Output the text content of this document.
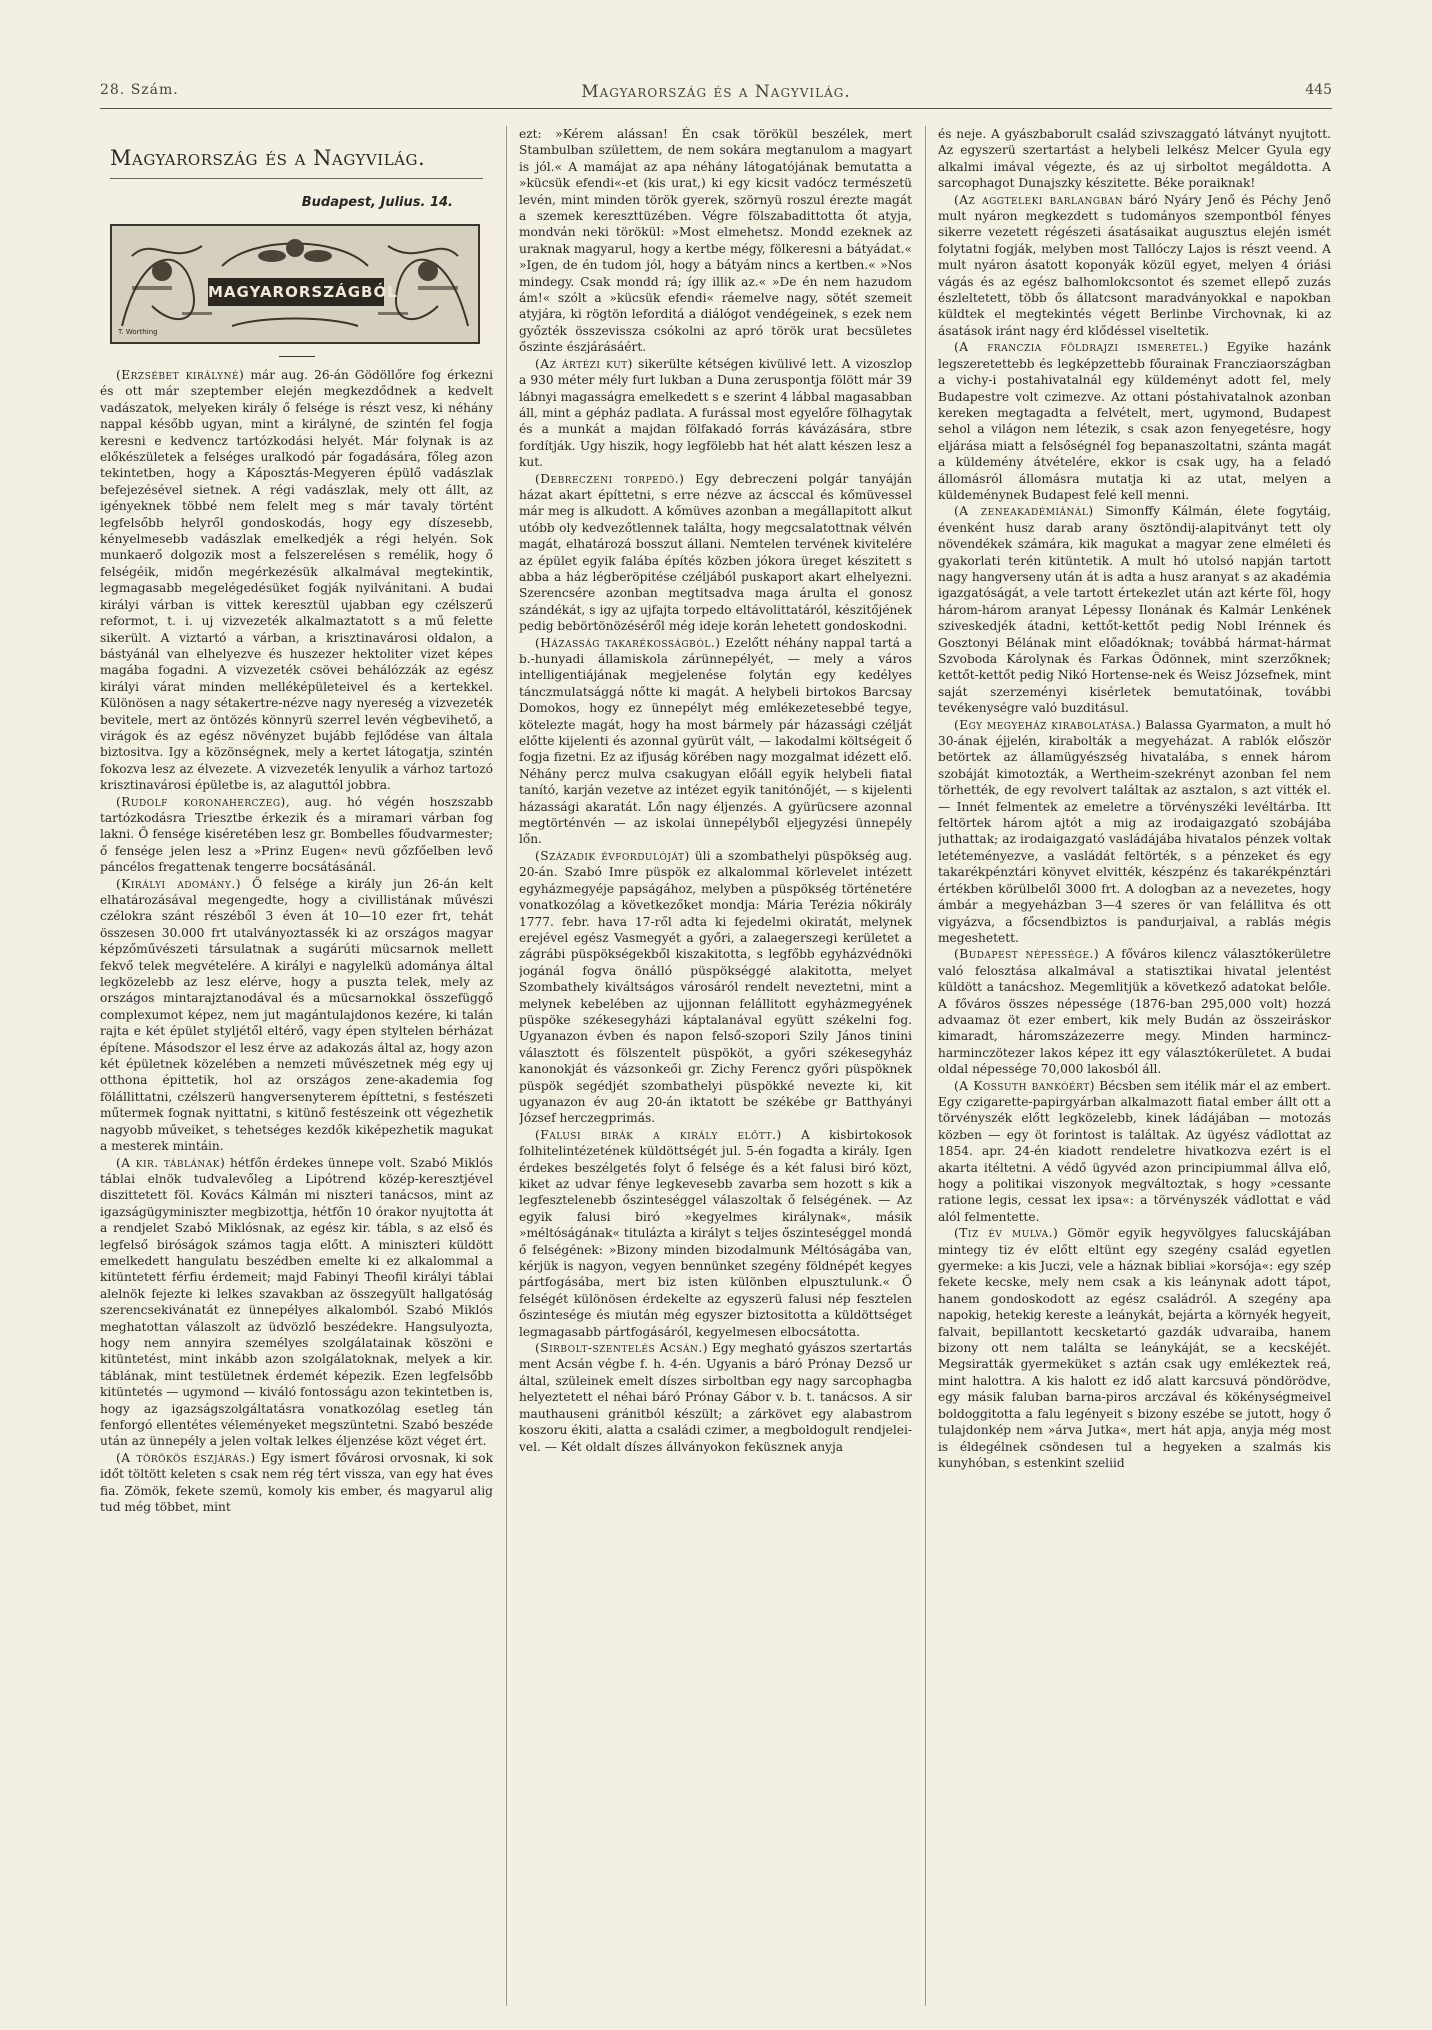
28. Szám.	Magyarország és a Nagyvilág.	445
Magyarország és a Nagyvilág.
Budapest, Julius. 14.
MAGYARORSZÁGBÓL
T. Worthing

(Erzsébet királyné) már aug. 26-án Gödöllőre fog érkezni és ott már szeptember elején megkezdődnek a kedvelt vadászatok, melyeken király ő felsége is részt vesz, ki néhány nappal később ugyan, mint a királyné, de szintén fel fogja keresni e kedvencz tartózkodási helyét. Már folynak is az előkészületek a felséges uralkodó pár fogadására, főleg azon tekintetben, hogy a Káposztás-Megyeren épülő vadászlak befejezésével sietnek. A régi vadászlak, mely ott állt, az igényeknek többé nem felelt meg s már tavaly történt legfelsőbb helyről gondoskodás, hogy egy díszesebb, kényelmesebb vadászlak emelkedjék a régi helyén. Sok munkaerő dolgozik most a felszerelésen s remélik, hogy ő felségéik, midőn megérkezésük alkalmával megtekintik, legmagasabb megelégedésüket fogják nyilvánitani. A budai királyi várban is vittek keresztül ujabban egy czélszerű reformot, t. i. uj vizvezeték alkalmaztatott s a mű felette sikerült. A viztartó a várban, a krisztinavárosi oldalon, a bástyánál van elhelyezve és huszezer hektoliter vizet képes magába fogadni. A vizvezeték csövei behálózzák az egész királyi várat minden melléképületeivel és a kertekkel. Különösen a nagy sétakertre-nézve nagy nyereség a vizvezeték bevitele, mert az öntözés könnyrü szerrel levén végbevihető, a virágok és az egész növényzet bujább fejlődése van általa biztositva. Igy a közönségnek, mely a kertet látogatja, szintén fokozva lesz az élvezete. A vizvezeték lenyulik a várhoz tartozó krisztinavárosi épületbe is, az alaguttól jobbra.

(Rudolf koronaherczeg), aug. hó végén hoszszabb tartózkodásra Triesztbe érkezik és a miramari várban fog lakni. Ő fensége kiséretében lesz gr. Bombelles főudvarmester; ő fensége jelen lesz a »Prinz Eugen« nevü gőzfőelben levő páncélos fregattenak tengerre bocsátásánál.

(Királyi adomány.) Ő felsége a király jun 26-án kelt elhatározásával megengedte, hogy a civillistának művészi czélokra szánt részéből 3 éven át 10—10 ezer frt, tehát összesen 30.000 frt utalványoztassék ki az országos magyar képzőművészeti társulatnak a sugárúti mücsarnok mellett fekvő telek megvételére. A királyi e nagylelkü adománya által legközelebb az lesz elérve, hogy a puszta telek, mely az országos mintarajztanodával és a mücsarnokkal összefüggő complexumot képez, nem jut magántulajdonos kezére, ki talán rajta e két épület styljétől eltérő, vagy épen styltelen bérházat építene. Másodszor el lesz érve az adakozás által az, hogy azon két épületnek közelében a nemzeti művészetnek még egy uj otthona épittetik, hol az országos zene-akademia fog fölállittatni, czélszerü hangversenyterem építtetni, s festészeti műtermek fognak nyittatni, s kitünő festészeink ott végezhetik nagyobb műveiket, s tehetséges kezdők kiképezhetik magukat a mesterek mintáin.

(A kir. táblának) hétfőn érdekes ünnepe volt. Szabó Miklós táblai elnök tudvalevőleg a Lipótrend közép-keresztjével diszittetett föl. Kovács Kálmán mi niszteri tanácsos, mint az igazságügyminiszter megbizottja, hétfőn 10 órakor nyujtotta át a rendjelet Szabó Miklósnak, az egész kir. tábla, s az első és legfelső biróságok számos tagja előtt. A miniszteri küldött emelkedett hangulatu beszédben emelte ki ez alkalommal a kitüntetett férfiu érdemeit; majd Fabinyi Theofil királyi táblai alelnök fejezte ki lelkes szavakban az összegyült hallgatóság szerencsekivánatát ez ünnepélyes alkalomból. Szabó Miklós meghatottan válaszolt az üdvözlő beszédekre. Hangsulyozta, hogy nem annyira személyes szolgálatainak köszöni e kitüntetést, mint inkább azon szolgálatoknak, melyek a kir. táblának, mint testületnek érdemét képezik. Ezen legfelsőbb kitüntetés — ugymond — kiváló fontosságu azon tekintetben is, hogy az igazságszolgáltatásra vonatkozólag esetleg tán fenforgó ellentétes véleményeket megszüntetni. Szabó beszéde után az ünnepély a jelen voltak lelkes éljenzése közt véget ért.

(A törökös észjárás.) Egy ismert fővárosi orvosnak, ki sok időt töltött keleten s csak nem rég tért vissza, van egy hat éves fia. Zömök, fekete szemü, komoly kis ember, és magyarul alig tud még többet, mint

ezt: »Kérem alássan! Én csak törökül beszélek, mert Stambulban születtem, de nem sokára megtanulom a magyart is jól.« A mamájat az apa néhány látogatójának bemutatta a »kücsük efendi«-et (kis urat,) ki egy kicsit vadócz természetü levén, mint minden török gyerek, szörnyü roszul érezte magát a szemek kereszttüzében. Végre fölszabadittotta őt atyja, mondván neki törökül: »Most elmehetsz. Mondd ezeknek az uraknak magyarul, hogy a kertbe mégy, fölkeresni a bátyádat.« »Igen, de én tudom jól, hogy a bátyám nincs a kertben.« »Nos mindegy. Csak mondd rá; így illik az.« »De én nem hazudom ám!« szólt a »kücsük efendi« ráemelve nagy, sötét szemeit atyjára, ki rögtön leforditá a diálógot vendégeinek, s ezek nem győzték összevissza csókolni az apró török urat becsületes őszinte észjárásáért.

(Az ártézi kut) sikerülte kétségen kivülivé lett. A vizoszlop a 930 méter mély furt lukban a Duna zeruspontja fölött már 39 lábnyi magasságra emelkedett s e szerint 4 lábbal magasabban áll, mint a gépház padlata. A furással most egyelőre fölhagytak és a munkát a majdan fölfakadó forrás kávázására, stbre fordítják. Ugy hiszik, hogy legfölebb hat hét alatt készen lesz a kut.

(Debreczeni torpedó.) Egy debreczeni polgár tanyáján házat akart építtetni, s erre nézve az ácsccal és kőmüvessel már meg is alkudott. A kőmüves azonban a megállapitott alkut utóbb oly kedvezőtlennek találta, hogy megcsalatottnak vélvén magát, elhatározá bosszut állani. Nemtelen tervének kivitelére az épület egyik falába építés közben jókora üreget készitett s abba a ház légberöpitése czéljából puskaport akart elhelyezni. Szerencsére azonban megtitsadva maga árulta el gonosz szándékát, s igy az ujfajta torpedo eltávolittatáról, készitőjének pedig bebörtönözéséről még ideje korán lehetett gondoskodni.

(Házasság takarékosságból.) Ezelőtt néhány nappal tartá a b.-hunyadi államiskola zárünnepélyét, — mely a város intelligentiájának megjelenése folytán egy kedélyes tánczmulatsággá nőtte ki magát. A helybeli birtokos Barcsay Domokos, hogy ez ünnepélyt még emlékezetesebbé tegye, kötelezte magát, hogy ha most bármely pár házassági czélját előtte kijelenti és azonnal gyürüt vált, — lakodalmi költségeit ő fogja fizetni. Ez az ifjuság körében nagy mozgalmat idézett elő. Néhány percz mulva csakugyan előáll egyik helybeli fiatal tanító, karján vezetve az intézet egyik tanitónőjét, — s kijelenti házassági akaratát. Lőn nagy éljenzés. A gyürücsere azonnal megtörténvén — az iskolai ünnepélyből eljegyzési ünnepély lőn.

(Századik évfordulóját) üli a szombathelyi püspökség aug. 20-án. Szabó Imre püspök ez alkalommal körlevelet intézett egyházmegyéje papságához, melyben a püspökség történetére vonatkozólag a következőket mondja: Mária Terézia nőkirály 1777. febr. hava 17-ről adta ki fejedelmi okiratát, melynek erejével egész Vasmegyét a győri, a zalaegerszegi kerületet a zágrábi püspökségekből kiszakitotta, s legfőbb egyházvédnöki jogánál fogva önálló püspökséggé alakitotta, melyet Szombathely kiváltságos városáról rendelt neveztetni, mint a melynek kebelében az ujjonnan felállitott egyházmegyének püspöke székesegyházi káptalanával együtt székelni fog. Ugyanazon évben és napon felső-szopori Szily János tinini választott és fölszentelt püspököt, a győri székesegyház kanonokját és vázsonkeői gr. Zichy Ferencz győri püspöknek püspök segédjét szombathelyi püspökké nevezte ki, kit ugyanazon év aug 20-án iktatott be székébe gr Batthyányi József herczegprimás.

(Falusi birák a király előtt.) A kisbirtokosok folhitelintézetének küldöttségét jul. 5-én fogadta a király. Igen érdekes beszélgetés folyt ő felsége és a két falusi biró közt, kiket az udvar fénye legkevesebb zavarba sem hozott s kik a legfesztelenebb őszinteséggel válaszoltak ő felségének. — Az egyik falusi biró »kegyelmes királynak«, másik »méltóságának« titulázta a királyt s teljes őszinteséggel mondá ő felségének: »Bizony minden bizodalmunk Méltóságába van, kérjük is nagyon, vegyen bennünket szegény földnépét kegyes pártfogásába, mert biz isten különben elpusztulunk.« Ő felségét különösen érdekelte az egyszerü falusi nép fesztelen őszintesége és miután még egyszer biztositotta a küldöttséget legmagasabb pártfogásáról, kegyelmesen elbocsátotta.

(Sirbolt-szentelés Acsán.) Egy megható gyászos szertartás ment Acsán végbe f. h. 4-én. Ugyanis a báró Prónay Dezső ur által, szüleinek emelt díszes sirboltban egy nagy sarcophagba helyeztetett el néhai báró Prónay Gábor v. b. t. tanácsos. A sir mauthauseni gránitból készült; a zárkövet egy alabastrom koszoru ékiti, alatta a családi czimer, a megboldogult rendjeleivel. — Két oldalt díszes állványokon feküsznek anyja

és neje. A gyászbaborult család szivszaggató látványt nyujtott. Az egyszerü szertartást a helybeli lelkész Melcer Gyula egy alkalmi imával végezte, és az uj sirboltot megáldotta. A sarcophagot Dunajszky készitette. Béke poraiknak!

(Az aggteleki barlangban báró Nyáry Jenő és Péchy Jenő mult nyáron megkezdett s tudományos szempontból fényes sikerre vezetett régészeti ásatásaikat augusztus elején ismét folytatni fogják, melyben most Tallóczy Lajos is részt veend. A mult nyáron ásatott koponyák közül egyet, melyen 4 óriási vágás és az egész balhomlokcsontot és szemet ellepő zuzás észleltetett, több ős állatcsont maradványokkal e napokban küldtek el megtekintés végett Berlinbe Virchovnak, ki az ásatások iránt nagy érd klődéssel viseltetik.

(A franczia földrajzi ismeretel.) Egyike hazánk legszeretettebb és legképzettebb főurainak Francziaországban a vichy-i postahivatalnál egy küldeményt adott fel, mely Budapestre volt czimezve. Az ottani póstahivatalnok azonban kereken megtagadta a felvételt, mert, ugymond, Budapest sehol a világon nem létezik, s csak azon fenyegetésre, hogy eljárása miatt a felsőségnél fog bepanaszoltatni, szánta magát a küldemény átvételére, ekkor is csak ugy, ha a feladó állomásról állomásra mutatja ki az utat, melyen a küldeménynek Budapest felé kell menni.

(A zeneakadémiánál) Simonffy Kálmán, élete fogytáig, évenként husz darab arany ösztöndij-alapitványt tett oly növendékek számára, kik magukat a magyar zene elméleti és gyakorlati terén kitüntetik. A mult hó utolsó napján tartott nagy hangverseny után át is adta a husz aranyat s az akadémia igazgatóságát, a vele tartott értekezlet után azt kérte föl, hogy három-három aranyat Lépessy Ilonának és Kalmár Lenkének sziveskedjék átadni, kettőt-kettőt pedig Nobl Irénnek és Gosztonyi Bélának mint előadóknak; továbbá hármat-hármat Szvoboda Károlynak és Farkas Ödönnek, mint szerzőknek; kettőt-kettőt pedig Nikó Hortense-nek és Weisz Józsefnek, mint saját szerzeményi kisérletek bemutatóinak, további tevékenységre való buzditásul.

(Egy megyeház kirabolatása.) Balassa Gyarmaton, a mult hó 30-ának éjjelén, kirabolták a megyeházat. A rablók először betörtek az államügyészség hivatalába, s ennek három szobáját kimotozták, a Wertheim-szekrényt azonban fel nem törhették, de egy revolvert találtak az asztalon, s azt vitték el. — Innét felmentek az emeletre a törvényszéki levéltárba. Itt feltörtek három ajtót a mig az irodaigazgató szobájába juthattak; az irodaigazgató vasládájába hivatalos pénzek voltak letéteményezve, a vasládát feltörték, s a pénzeket és egy takarékpénztári könyvet elvitték, készpénz és takarékpénztári értékben körülbelől 3000 frt. A dologban az a nevezetes, hogy ámbár a megyeházban 3—4 szeres ör van felállitva és ott vigyázva, a főcsendbiztos is pandurjaival, a rablás mégis megeshetett.

(Budapest népessége.) A főváros kilencz választókerületre való felosztása alkalmával a statisztikai hivatal jelentést küldött a tanácshoz. Megemlitjük a következő adatokat belőle. A főváros összes népessége (1876-ban 295,000 volt) hozzá advaamaz öt ezer embert, kik mely Budán az összeiráskor kimaradt, háromszázezerre megy. Minden harmincz-harminczötezer lakos képez itt egy választókerületet. A budai oldal népessége 70,000 lakosból áll.

(A Kossuth bankóért) Bécsben sem itélik már el az embert. Egy czigarette-papirgyárban alkalmazott fiatal ember állt ott a törvényszék előtt legközelebb, kinek ládájában — motozás közben — egy öt forintost is találtak. Az ügyész vádlottat az 1854. apr. 24-én kiadott rendeletre hivatkozva ezért is el akarta itéltetni. A védő ügyvéd azon principiummal állva elő, hogy a politikai viszonyok megváltoztak, s hogy »cessante ratione legis, cessat lex ipsa«: a törvényszék vádlottat e vád alól felmentette.

(Tiz év mulva.) Gömör egyik hegyvölgyes falucskájában mintegy tiz év előtt eltünt egy szegény család egyetlen gyermeke: a kis Juczi, vele a háznak bibliai »korsója«: egy szép fekete kecske, mely nem csak a kis leánynak adott tápot, hanem gondoskodott az egész családról. A szegény apa napokig, hetekig kereste a leánykát, bejárta a környék hegyeit, falvait, bepillantott kecsketartó gazdák udvaraiba, hanem bizony ott nem találta se leánykáját, se a kecskéjét. Megsiratták gyermeküket s aztán csak ugy emlékeztek reá, mint halottra. A kis halott ez idő alatt karcsuvá pöndörödve, egy másik faluban barna-piros arczával és kökénységmeivel boldoggitotta a falu legényeit s bizony eszébe se jutott, hogy ő tulajdonkép nem »árva Jutka«, mert hát apja, anyja még most is éldegélnek csöndesen tul a hegyeken a szalmás kis kunyhóban, s estenkint szeliid
